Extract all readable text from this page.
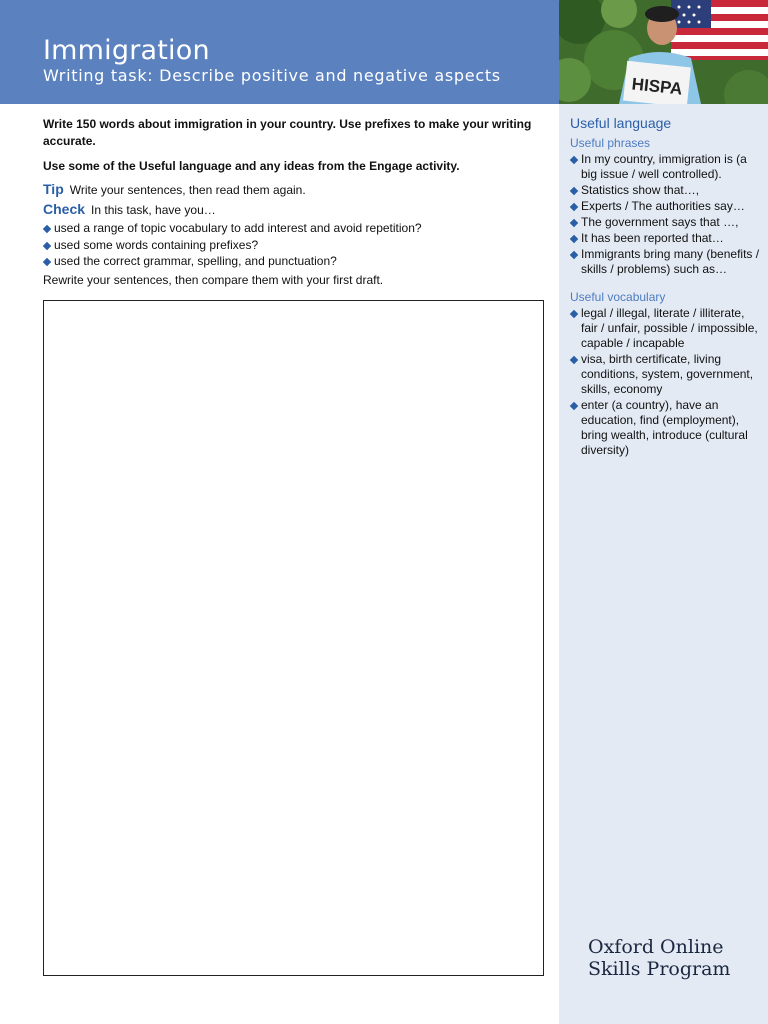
Immigration
Writing task: Describe positive and negative aspects	HISPA

Write 150 words about immigration in your country. Use prefixes to make your writing accurate.

Use some of the Useful language and any ideas from the Engage activity.

Tip Write your sentences, then read them again.
Check In this task, have you…
used a range of topic vocabulary to add interest and avoid repetition?
used some words containing prefixes?
used the correct grammar, spelling, and punctuation?

Rewrite your sentences, then compare them with your first draft.

Useful language
Useful phrases
In my country, immigration is (a big issue / well controlled).
Statistics show that…,
Experts / The authorities say…
The government says that …,
It has been reported that…
Immigrants bring many (benefits / skills / problems) such as…
Useful vocabulary
legal / illegal, literate / illiterate, fair / unfair, possible / impossible, capable / incapable
visa, birth certificate, living conditions, system, government, skills, economy
enter (a country), have an education, find (employment), bring wealth, introduce (cultural diversity)
Oxford Online
Skills Program
